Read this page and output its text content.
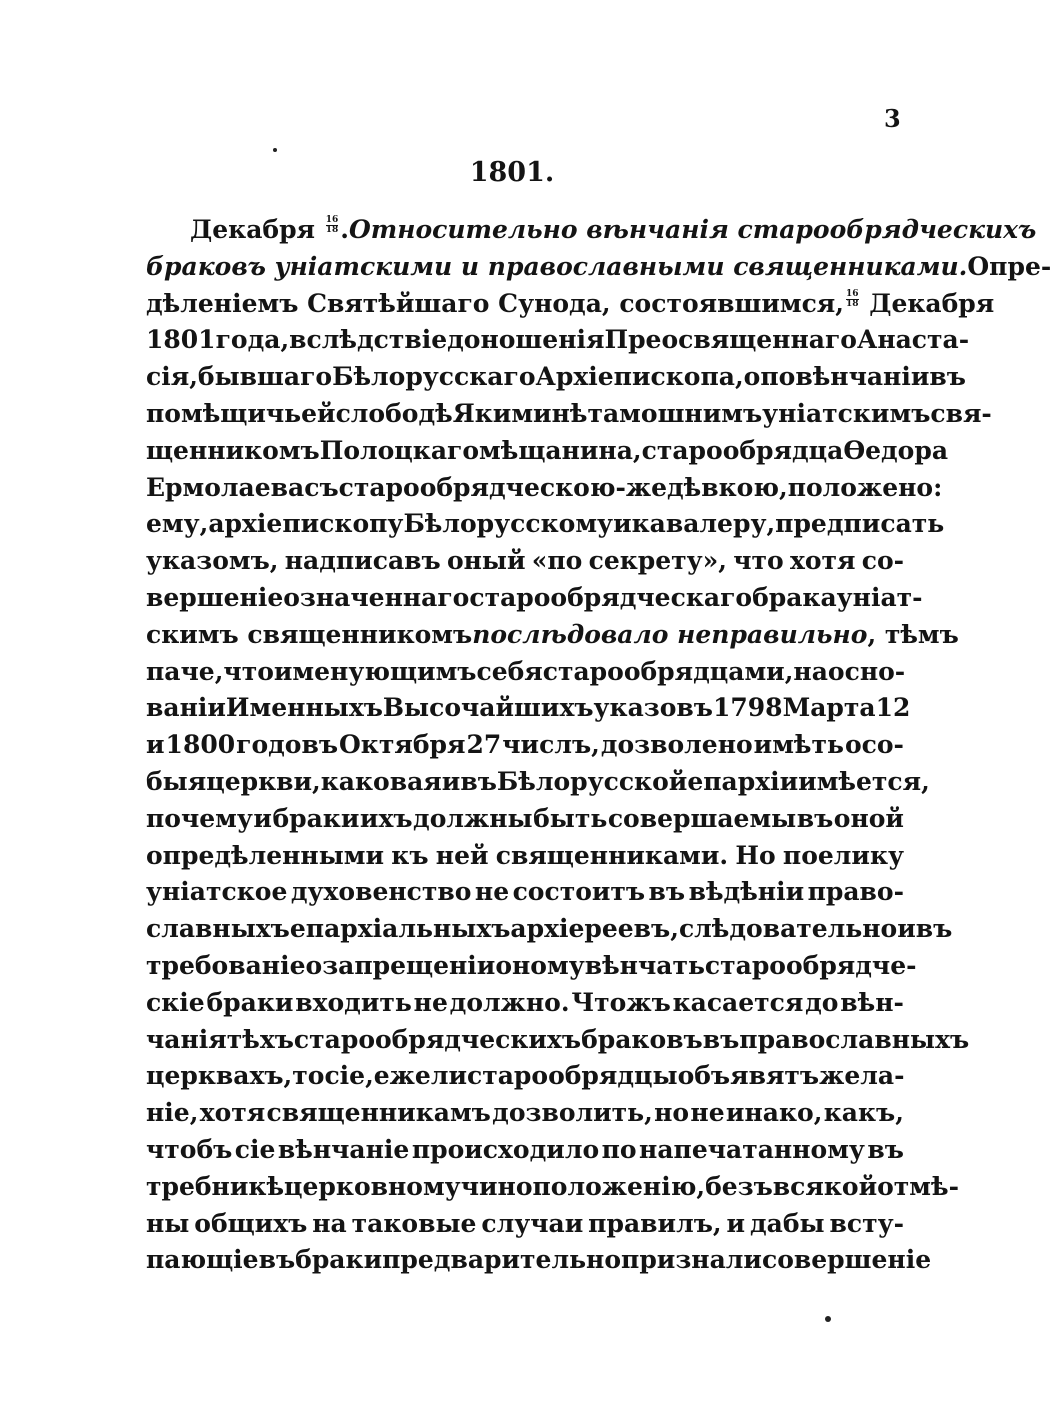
3
1801.
Декабря $\frac{16}{18}$ . Относительно вѣнчанія старообрядческихъ
браковъ уніатскими и православными священниками. Опре-
дѣленіемъ Святѣйшаго Сунода, состоявшимся, $\frac{16}{18}$ Декабря
1801 года, вслѣдствіе доношенія Преосвященнаго Анаста-
сія, бывшаго Бѣлорусскаго Архіепископа, о повѣнчаніи въ
помѣщичьей слободѣ Якиминѣ тамошнимъ уніатскимъ свя-
щенникомъ Полоцкаго мѣщанина, старообрядца Ѳедора
Ермолаева съ старообрядческою-же дѣвкою, положено:
ему, архіепископу Бѣлорусскому и кавалеру, предписать
указомъ, надписавъ оный «по секрету», что хотя со-
вершеніе означеннаго старообрядческаго брака уніат-
скимъ священникомъ послѣдовало неправильно , тѣмъ
паче, что именующимъ себя старообрядцами, на осно-
ваніи Именныхъ Высочайшихъ указовъ 1798 Марта 12
и 1800 годовъ Октября 27 числъ, дозволено имѣть осо-
быя церкви, каковая и въ Бѣлорусской епархіи имѣется,
почему и браки ихъ должны быть совершаемы въ оной
опредѣленными къ ней священниками. Но поелику
уніатское духовенство не состоитъ въ вѣдѣніи право-
славныхъ епархіальныхъ архіереевъ, слѣдовательно и въ
требованіе о запрещеніи оному вѣнчать старообрядче-
скіе браки входить не должно. Чтожъ касается до вѣн-
чанія тѣхъ старообрядческихъ браковъ въ православныхъ
церквахъ, то сіе, ежели старообрядцы объявятъ жела-
ніе, хотя священникамъ дозволить, но не инако, какъ,
чтобъ сіе вѣнчаніе происходило по напечатанному въ
требникѣ церковному чиноположенію, безъ всякой отмѣ-
ны общихъ на таковые случаи правилъ, и дабы всту-
пающіе въ браки предварительно признали совершеніе
